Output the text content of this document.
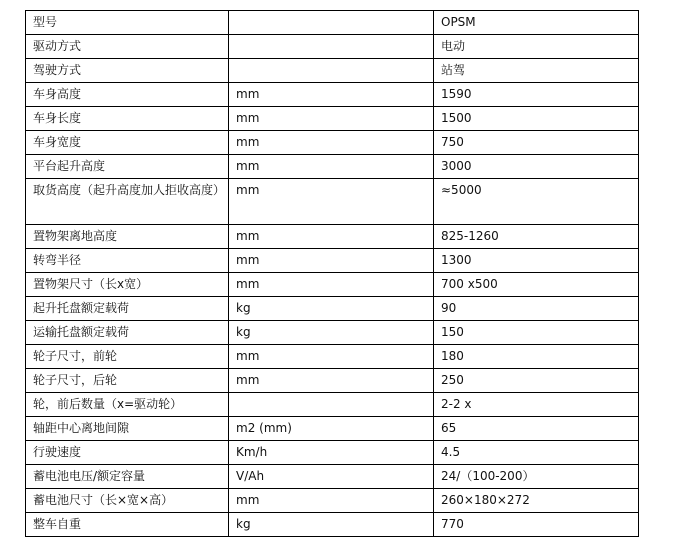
型号		OPSM
驱动方式		电动
驾驶方式		站驾
车身高度	mm	1590
车身长度	mm	1500
车身宽度	mm	750
平台起升高度	mm	3000
取货高度（起升高度加人拒收高度）	mm	≈5000
置物架离地高度	mm	825-1260
转弯半径	mm	1300
置物架尺寸（长x宽）	mm	700 x500
起升托盘额定载荷	kg	90
运输托盘额定载荷	kg	150
轮子尺寸，前轮	mm	180
轮子尺寸，后轮	mm	250
轮，前后数量（x=驱动轮）		2-2 x
轴距中心离地间隙	m2 (mm)	65
行驶速度	Km/h	4.5
蓄电池电压/额定容量	V/Ah	24/（100-200）
蓄电池尺寸（长×宽×高）	mm	260×180×272
整车自重	kg	770
